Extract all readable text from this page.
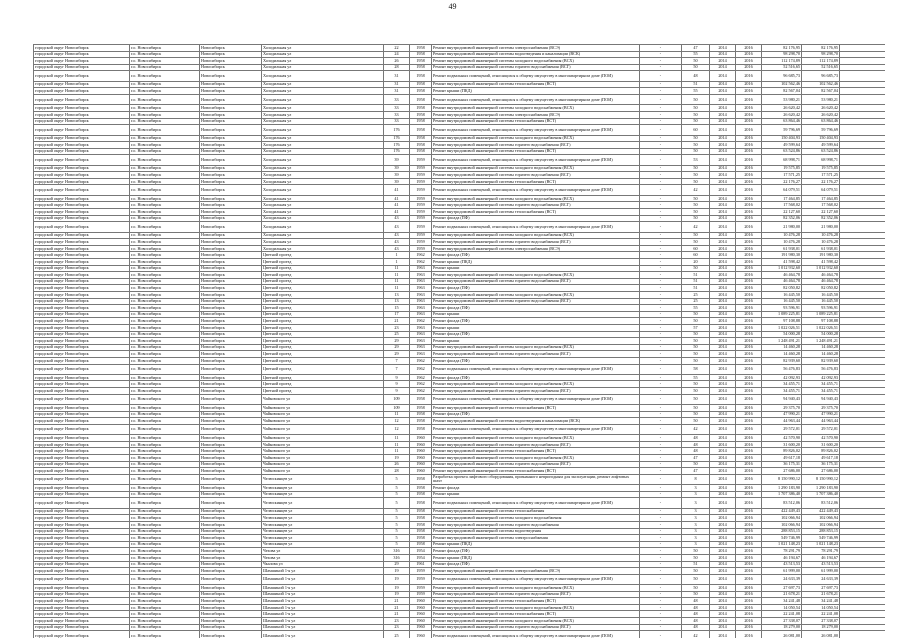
49
городской округ Новосибирск	г.о. Новосибирск	Новосибирск	Холодильная ул	22	1958	Ремонт внутридомовой инженерной системы электроснабжения (ВСЭ)	-	47	2014	2016	82 176,95	82 176,95	
городской округ Новосибирск	г.о. Новосибирск	Новосибирск	Холодильная ул	24	1958	Ремонт внутридомовой инженерной системы водоотведения и канализации (ВСК)	-	55	2014	2016	98 298,70	98 298,70	
городской округ Новосибирск	г.о. Новосибирск	Новосибирск	Холодильная ул	26	1958	Ремонт внутридомовой инженерной системы холодного водоснабжения (ВСХ)	-	50	2014	2016	112 174,89	112 174,89	
городской округ Новосибирск	г.о. Новосибирск	Новосибирск	Холодильная ул	28	1958	Ремонт внутридомовой инженерной системы горячего водоснабжения (ВСГ)	-	50	2014	2016	52 516,65	52 516,65	
городской округ Новосибирск	г.о. Новосибирск	Новосибирск	Холодильная ул	31	1958	Ремонт подвальных помещений, относящихся к общему имуществу в многоквартирном доме (ПОИ)	-	48	2014	2016	96 685,73	96 685,73	
городской округ Новосибирск	г.о. Новосибирск	Новосибирск	Холодильная ул	31	1958	Ремонт внутридомовой инженерной системы теплоснабжения (ВСТ)	-	51	2014	2016	102 562,46	102 562,46	
городской округ Новосибирск	г.о. Новосибирск	Новосибирск	Холодильная ул	31	1958	Ремонт крыши (ПКД)	-	55	2014	2016	82 567,04	82 567,04	
городской округ Новосибирск	г.о. Новосибирск	Новосибирск	Холодильная ул	33	1958	Ремонт подвальных помещений, относящихся к общему имуществу в многоквартирном доме (ПОИ)	-	50	2014	2016	53 980,21	53 980,21	
городской округ Новосибирск	г.о. Новосибирск	Новосибирск	Холодильная ул	33	1958	Ремонт внутридомовой инженерной системы холодного водоснабжения (ВСХ)	-	50	2014	2016	26 620,42	26 620,42	
городской округ Новосибирск	г.о. Новосибирск	Новосибирск	Холодильная ул	33	1958	Ремонт внутридомовой инженерной системы электроснабжения (ВСЭ)	-	50	2014	2016	26 620,42	26 620,42	
городской округ Новосибирск	г.о. Новосибирск	Новосибирск	Холодильная ул	33	1958	Ремонт внутридомовой инженерной системы теплоснабжения (ВСТ)	-	50	2014	2016	63 864,46	63 864,46	
городской округ Новосибирск	г.о. Новосибирск	Новосибирск	Холодильная ул	176	1958	Ремонт подвальных помещений, относящихся к общему имуществу в многоквартирном доме (ПОИ)	-	60	2014	2016	59 796,69	59 796,69	
городской округ Новосибирск	г.о. Новосибирск	Новосибирск	Холодильная ул	176	1958	Ремонт внутридомовой инженерной системы холодного водоснабжения (ВСХ)	-	50	2014	2016	150 404,93	150 404,93	
городской округ Новосибирск	г.о. Новосибирск	Новосибирск	Холодильная ул	176	1958	Ремонт внутридомовой инженерной системы горячего водоснабжения (ВСГ)	-	50	2014	2016	49 599,64	49 599,64	
городской округ Новосибирск	г.о. Новосибирск	Новосибирск	Холодильная ул	176	1958	Ремонт внутридомовой инженерной системы теплоснабжения (ВСТ)	-	50	2014	2016	63 524,86	63 524,86	
городской округ Новосибирск	г.о. Новосибирск	Новосибирск	Холодильная ул	39	1959	Ремонт подвальных помещений, относящихся к общему имуществу в многоквартирном доме (ПОИ)	-	53	2014	2016	68 998,71	68 998,71	
городской округ Новосибирск	г.о. Новосибирск	Новосибирск	Холодильная ул	39	1959	Ремонт внутридомовой инженерной системы холодного водоснабжения (ВСХ)	-	50	2014	2016	19 575,85	19 575,85	
городской округ Новосибирск	г.о. Новосибирск	Новосибирск	Холодильная ул	39	1959	Ремонт внутридомовой инженерной системы горячего водоснабжения (ВСГ)	-	50	2014	2016	17 571,25	17 571,25	
городской округ Новосибирск	г.о. Новосибирск	Новосибирск	Холодильная ул	39	1959	Ремонт внутридомовой инженерной системы теплоснабжения (ВСТ)	-	50	2014	2016	22 176,27	22 176,27	
городской округ Новосибирск	г.о. Новосибирск	Новосибирск	Холодильная ул	41	1959	Ремонт подвальных помещений, относящихся к общему имуществу в многоквартирном доме (ПОИ)	-	42	2014	2016	64 079,51	64 079,51	
городской округ Новосибирск	г.о. Новосибирск	Новосибирск	Холодильная ул	41	1959	Ремонт внутридомовой инженерной системы холодного водоснабжения (ВСХ)	-	50	2014	2016	17 464,85	17 464,85	
городской округ Новосибирск	г.о. Новосибирск	Новосибирск	Холодильная ул	41	1959	Ремонт внутридомовой инженерной системы горячего водоснабжения (ВСГ)	-	50	2014	2016	17 568,02	17 568,02	
городской округ Новосибирск	г.о. Новосибирск	Новосибирск	Холодильная ул	41	1959	Ремонт внутридомовой инженерной системы теплоснабжения (ВСТ)	-	50	2014	2016	22 127,60	22 127,60	
городской округ Новосибирск	г.о. Новосибирск	Новосибирск	Холодильная ул	43	1959	Ремонт фасада (ПФ)	-	50	2014	2016	82 352,06	82 352,06	
городской округ Новосибирск	г.о. Новосибирск	Новосибирск	Холодильная ул	43	1959	Ремонт подвальных помещений, относящихся к общему имуществу в многоквартирном доме (ПОИ)	-	42	2014	2016	21 980,00	21 980,00	
городской округ Новосибирск	г.о. Новосибирск	Новосибирск	Холодильная ул	43	1959	Ремонт внутридомовой инженерной системы холодного водоснабжения (ВСХ)	-	50	2014	2016	10 476,28	10 476,28	
городской округ Новосибирск	г.о. Новосибирск	Новосибирск	Холодильная ул	43	1959	Ремонт внутридомовой инженерной системы горячего водоснабжения (ВСГ)	-	50	2014	2016	10 476,28	10 476,28	
городской округ Новосибирск	г.о. Новосибирск	Новосибирск	Холодильная ул	43	1959	Ремонт внутридомовой инженерной системы электроснабжения (ВСЭ)	-	60	2014	2016	61 938,01	61 938,01	
городской округ Новосибирск	г.о. Новосибирск	Новосибирск	Цветной проезд	1	1962	Ремонт фасада (ПФ)	-	60	2014	2016	191 980,30	191 980,30	
городской округ Новосибирск	г.о. Новосибирск	Новосибирск	Цветной проезд	1	1962	Ремонт крыши (ПКД)	-	20	2014	2016	41 598,42	41 598,42	
городской округ Новосибирск	г.о. Новосибирск	Новосибирск	Цветной проезд	11	1963	Ремонт крыши	-	50	2014	2016	1 012 932,60	1 012 932,60	
городской округ Новосибирск	г.о. Новосибирск	Новосибирск	Цветной проезд	11	1963	Ремонт внутридомовой инженерной системы холодного водоснабжения (ВСХ)	-	51	2014	2016	46 464,78	46 464,78	
городской округ Новосибирск	г.о. Новосибирск	Новосибирск	Цветной проезд	11	1963	Ремонт внутридомовой инженерной системы горячего водоснабжения (ВСГ)	-	51	2014	2016	46 464,78	46 464,78	
городской округ Новосибирск	г.о. Новосибирск	Новосибирск	Цветной проезд	11	1963	Ремонт фасада (ПФ)	-	51	2014	2016	82 050,82	82 050,82	
городской округ Новосибирск	г.о. Новосибирск	Новосибирск	Цветной проезд	13	1963	Ремонт внутридомовой инженерной системы холодного водоснабжения (ВСХ)	-	25	2014	2016	16 445,50	16 445,50	
городской округ Новосибирск	г.о. Новосибирск	Новосибирск	Цветной проезд	13	1963	Ремонт внутридомовой инженерной системы горячего водоснабжения (ВСГ)	-	25	2014	2016	16 445,50	16 445,50	
городской округ Новосибирск	г.о. Новосибирск	Новосибирск	Цветной проезд	15	1963	Ремонт фасада (ПФ)	-	55	2014	2016	93 596,91	93 596,91	
городской округ Новосибирск	г.о. Новосибирск	Новосибирск	Цветной проезд	17	1963	Ремонт крыши	-	50	2014	2016	1 089 225,81	1 089 225,81	
городской округ Новосибирск	г.о. Новосибирск	Новосибирск	Цветной проезд	21	1962	Ремонт фасада (ПФ)	-	50	2014	2016	97 108,88	97 108,88	
городской округ Новосибирск	г.о. Новосибирск	Новосибирск	Цветной проезд	23	1963	Ремонт крыши	-	57	2014	2016	1 022 026,51	1 022 026,51	
городской округ Новосибирск	г.о. Новосибирск	Новосибирск	Цветной проезд	25	1963	Ремонт фасада (ПФ)	-	50	2014	2016	54 000,28	54 000,28	
городской округ Новосибирск	г.о. Новосибирск	Новосибирск	Цветной проезд	29	1963	Ремонт крыши	-	50	2014	2016	1 248 491,21	1 248 491,21	
городской округ Новосибирск	г.о. Новосибирск	Новосибирск	Цветной проезд	29	1963	Ремонт внутридомовой инженерной системы холодного водоснабжения (ВСХ)	-	50	2014	2016	14 460,28	14 460,28	
городской округ Новосибирск	г.о. Новосибирск	Новосибирск	Цветной проезд	29	1963	Ремонт внутридомовой инженерной системы горячего водоснабжения (ВСГ)	-	50	2014	2016	14 460,28	14 460,28	
городской округ Новосибирск	г.о. Новосибирск	Новосибирск	Цветной проезд	7	1962	Ремонт фасада (ПФ)	-	50	2014	2016	82 939,60	82 939,60	
городской округ Новосибирск	г.о. Новосибирск	Новосибирск	Цветной проезд	7	1962	Ремонт подвальных помещений, относящихся к общему имуществу в многоквартирном доме (ПОИ)	-	58	2014	2016	56 476,83	56 476,83	
городской округ Новосибирск	г.о. Новосибирск	Новосибирск	Цветной проезд	9	1962	Ремонт фасада (ПФ)	-	55	2014	2016	42 092,93	42 092,93	
городской округ Новосибирск	г.о. Новосибирск	Новосибирск	Цветной проезд	9	1962	Ремонт внутридомовой инженерной системы холодного водоснабжения (ВСХ)	-	50	2014	2016	34 455,71	34 455,71	
городской округ Новосибирск	г.о. Новосибирск	Новосибирск	Цветной проезд	9	1962	Ремонт внутридомовой инженерной системы горячего водоснабжения (ВСГ)	-	50	2014	2016	34 455,71	34 455,71	
городской округ Новосибирск	г.о. Новосибирск	Новосибирск	Чайковского ул	109	1958	Ремонт подвальных помещений, относящихся к общему имуществу в многоквартирном доме (ПОИ)	-	50	2014	2016	94 940,43	94 940,43	
городской округ Новосибирск	г.о. Новосибирск	Новосибирск	Чайковского ул	109	1958	Ремонт внутридомовой инженерной системы теплоснабжения (ВСТ)	-	50	2014	2016	29 375,70	29 375,70	
городской округ Новосибирск	г.о. Новосибирск	Новосибирск	Чайковского ул	11	1958	Ремонт фасада (ПФ)	-	50	2014	2016	47 990,21	47 990,21	
городской округ Новосибирск	г.о. Новосибирск	Новосибирск	Чайковского ул	12	1958	Ремонт внутридомовой инженерной системы водоотведения и канализации (ВСК)	-	50	2014	2016	44 963,44	44 963,44	
городской округ Новосибирск	г.о. Новосибирск	Новосибирск	Чайковского ул	12	1958	Ремонт подвальных помещений, относящихся к общему имуществу в многоквартирном доме (ПОИ)	-	42	2014	2016	29 572,01	29 572,01	
городской округ Новосибирск	г.о. Новосибирск	Новосибирск	Чайковского ул	11	1960	Ремонт внутридомовой инженерной системы холодного водоснабжения (ВСХ)	-	48	2014	2016	42 570,90	42 570,90	
городской округ Новосибирск	г.о. Новосибирск	Новосибирск	Чайковского ул	11	1960	Ремонт внутридомовой инженерной системы горячего водоснабжения (ВСГ)	-	48	2014	2016	31 600,20	31 600,20	
городской округ Новосибирск	г.о. Новосибирск	Новосибирск	Чайковского ул	11	1960	Ремонт внутридомовой инженерной системы теплоснабжения (ВСТ)	-	48	2014	2016	89 826,02	89 826,02	
городской округ Новосибирск	г.о. Новосибирск	Новосибирск	Чайковского ул	19	1960	Ремонт внутридомовой инженерной системы холодного водоснабжения (ВСХ)	-	47	2014	2016	49 617,18	49 617,18	
городской округ Новосибирск	г.о. Новосибирск	Новосибирск	Чайковского ул	26	1960	Ремонт внутридомовой инженерной системы горячего водоснабжения (ВСГ)	-	50	2014	2016	36 175,31	36 175,31	
городской округ Новосибирск	г.о. Новосибирск	Новосибирск	Чайковского ул	28	1960	Ремонт внутридомовой инженерной системы теплоснабжения (ВСТ)	-	47	2014	2016	27 686,00	27 686,00	
городской округ Новосибирск	г.о. Новосибирск	Новосибирск	Челюскинцев ул	5	1958	Разработка проекта лифтового оборудования, признанного непригодным для эксплуатации, ремонт лифтовых шахт	-	8	2014	2016	8 150 990,12	8 150 990,12	
городской округ Новосибирск	г.о. Новосибирск	Новосибирск	Челюскинцев ул	5	1958	Ремонт фасада	-	3	2014	2016	1 290 183,90	1 290 183,90	
городской округ Новосибирск	г.о. Новосибирск	Новосибирск	Челюскинцев ул	5	1958	Ремонт крыши	-	3	2014	2016	1 707 386,40	1 707 386,40	
городской округ Новосибирск	г.о. Новосибирск	Новосибирск	Челюскинцев ул	5	1958	Ремонт подвальных помещений, относящихся к общему имуществу в многоквартирном доме (ПОИ)	-	3	2014	2016	83 512,06	83 512,06	
городской округ Новосибирск	г.о. Новосибирск	Новосибирск	Челюскинцев ул	5	1958	Ремонт внутридомовой инженерной системы теплоснабжения	-	3	2014	2016	422 449,43	422 449,43	
городской округ Новосибирск	г.о. Новосибирск	Новосибирск	Челюскинцев ул	5	1958	Ремонт внутридомовой инженерной системы холодного водоснабжения	-	3	2014	2016	102 066,94	102 066,94	
городской округ Новосибирск	г.о. Новосибирск	Новосибирск	Челюскинцев ул	5	1958	Ремонт внутридомовой инженерной системы горячего водоснабжения	-	3	2014	2016	102 066,94	102 066,94	
городской округ Новосибирск	г.о. Новосибирск	Новосибирск	Челюскинцев ул	5	1958	Ремонт внутридомовой инженерной системы водоотведения	-	3	2014	2016	288 853,15	288 853,15	
городской округ Новосибирск	г.о. Новосибирск	Новосибирск	Челюскинцев ул	5	1958	Ремонт внутридомовой инженерной системы электроснабжения	-	3	2014	2016	549 746,99	549 746,99	
городской округ Новосибирск	г.о. Новосибирск	Новосибирск	Челюскинцев ул	5	1958	Ремонт крыши (ПКД)	-	3	2014	2016	1 021 148,23	1 021 148,23	
городской округ Новосибирск	г.о. Новосибирск	Новосибирск	Чехова ул	316	1954	Ремонт фасада (ПФ)	-	50	2014	2016	78 291,79	78 291,79	
городской округ Новосибирск	г.о. Новосибирск	Новосибирск	Чехова ул	316	1954	Ремонт крыши (ПКД)	-	50	2014	2016	46 194,67	46 194,67	
городской округ Новосибирск	г.о. Новосибирск	Новосибирск	Чкалова ул	29	1961	Ремонт фасада (ПФ)	-	51	2014	2016	43 513,53	43 513,53	
городской округ Новосибирск	г.о. Новосибирск	Новосибирск	Шамшиной 1-я ул	19	1959	Ремонт внутридомовой инженерной системы электроснабжения (ВСЭ)	-	50	2014	2016	61 999,00	61 999,00	
городской округ Новосибирск	г.о. Новосибирск	Новосибирск	Шамшиной 1-я ул	19	1959	Ремонт подвальных помещений, относящихся к общему имуществу в многоквартирном доме (ПОИ)	-	50	2014	2016	24 633,39	24 633,39	
городской округ Новосибирск	г.о. Новосибирск	Новосибирск	Шамшиной 1-я ул	19	1959	Ремонт внутридомовой инженерной системы холодного водоснабжения (ВСХ)	-	50	2014	2016	27 697,73	27 697,73	
городской округ Новосибирск	г.о. Новосибирск	Новосибирск	Шамшиной 1-я ул	19	1959	Ремонт внутридомовой инженерной системы горячего водоснабжения (ВСГ)	-	50	2014	2016	21 678,21	21 678,21	
городской округ Новосибирск	г.о. Новосибирск	Новосибирск	Шамшиной 1-я ул	21	1960	Ремонт внутридомовой инженерной системы теплоснабжения (ВСТ)	-	48	2014	2016	34 241,48	34 241,48	
городской округ Новосибирск	г.о. Новосибирск	Новосибирск	Шамшиной 1-я ул	21	1960	Ремонт внутридомовой инженерной системы холодного водоснабжения (ВСХ)	-	48	2014	2016	14 050,54	14 050,54	
городской округ Новосибирск	г.о. Новосибирск	Новосибирск	Шамшиной 1-я ул	21	1960	Ремонт внутридомовой инженерной системы теплоснабжения (ВСТ)	-	48	2014	2016	22 241,08	22 241,08	
городской округ Новосибирск	г.о. Новосибирск	Новосибирск	Шамшиной 1-я ул	23	1960	Ремонт внутридомовой инженерной системы холодного водоснабжения (ВСХ)	-	48	2014	2016	27 338,07	27 338,07	
городской округ Новосибирск	г.о. Новосибирск	Новосибирск	Шамшиной 1-я ул	23	1960	Ремонт внутридомовой инженерной системы горячего водоснабжения (ВСГ)	-	48	2014	2016	18 279,00	18 279,00	
городской округ Новосибирск	г.о. Новосибирск	Новосибирск	Шамшиной 1-я ул	25	1960	Ремонт подвальных помещений, относящихся к общему имуществу в многоквартирном доме (ПОИ)	-	42	2014	2016	26 081,00	26 081,00	
